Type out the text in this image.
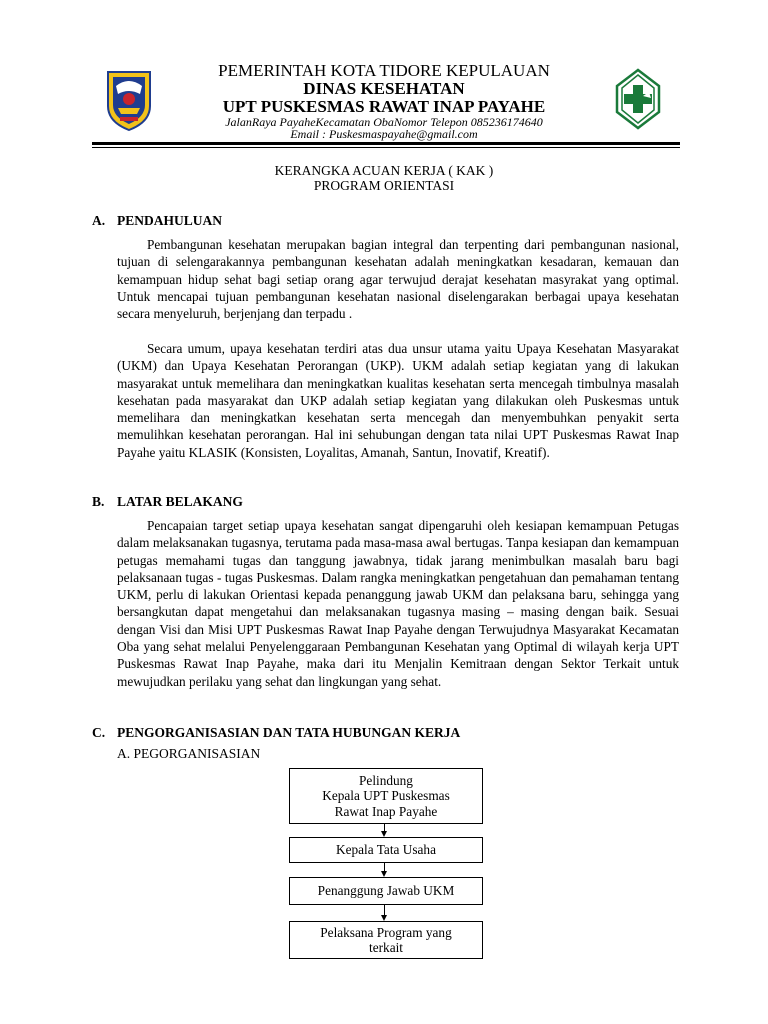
PEMERINTAH KOTA TIDORE KEPULAUAN
DINAS KESEHATAN
UPT PUSKESMAS RAWAT INAP PAYAHE
JalanRaya PayaheKecamatan ObaNomor Telepon 085236174640
Email : Puskesmaspayahe@gmail.com
KERANGKA ACUAN KERJA ( KAK )
PROGRAM ORIENTASI
A. PENDAHULUAN

Pembangunan kesehatan merupakan bagian integral dan terpenting dari pembangunan nasional, tujuan di selengarakannya pembangunan kesehatan adalah meningkatkan kesadaran, kemauan dan kemampuan hidup sehat bagi setiap orang agar terwujud derajat kesehatan masyrakat yang optimal. Untuk mencapai tujuan pembangunan kesehatan nasional diselengarakan berbagai upaya kesehatan secara menyeluruh, berjenjang dan terpadu .

Secara umum, upaya kesehatan terdiri atas dua unsur utama yaitu Upaya Kesehatan Masyarakat (UKM) dan Upaya Kesehatan Perorangan (UKP). UKM adalah setiap kegiatan yang di lakukan masyarakat untuk memelihara dan meningkatkan kualitas kesehatan serta mencegah timbulnya masalah kesehatan pada masyarakat dan UKP adalah setiap kegiatan yang dilakukan oleh Puskesmas untuk memelihara dan meningkatkan kesehatan serta mencegah dan menyembuhkan penyakit serta memulihkan kesehatan perorangan. Hal ini sehubungan dengan tata nilai UPT Puskesmas Rawat Inap Payahe yaitu KLASIK (Konsisten, Loyalitas, Amanah, Santun, Inovatif, Kreatif).

B. LATAR BELAKANG

Pencapaian target setiap upaya kesehatan sangat dipengaruhi oleh kesiapan kemampuan Petugas dalam melaksanakan tugasnya, terutama pada masa-masa awal bertugas. Tanpa kesiapan dan kemampuan petugas memahami tugas dan tanggung jawabnya, tidak jarang menimbulkan masalah baru bagi pelaksanaan tugas - tugas Puskesmas. Dalam rangka meningkatkan pengetahuan dan pemahaman tentang UKM, perlu di lakukan Orientasi kepada penanggung jawab UKM dan pelaksana baru, sehingga yang bersangkutan dapat mengetahui dan melaksanakan tugasnya masing – masing dengan baik. Sesuai dengan Visi dan Misi UPT Puskesmas Rawat Inap Payahe dengan Terwujudnya Masyarakat Kecamatan Oba yang sehat melalui Penyelenggaraan Pembangunan Kesehatan yang Optimal di wilayah kerja UPT Puskesmas Rawat Inap Payahe, maka dari itu Menjalin Kemitraan dengan Sektor Terkait untuk mewujudkan perilaku yang sehat dan lingkungan yang sehat.

C. PENGORGANISASIAN DAN TATA HUBUNGAN KERJA
A. PEGORGANISASIAN
Pelindung
Kepala UPT Puskesmas
Rawat Inap Payahe
Kepala Tata Usaha
Penanggung Jawab UKM
Pelaksana Program yang
terkait
